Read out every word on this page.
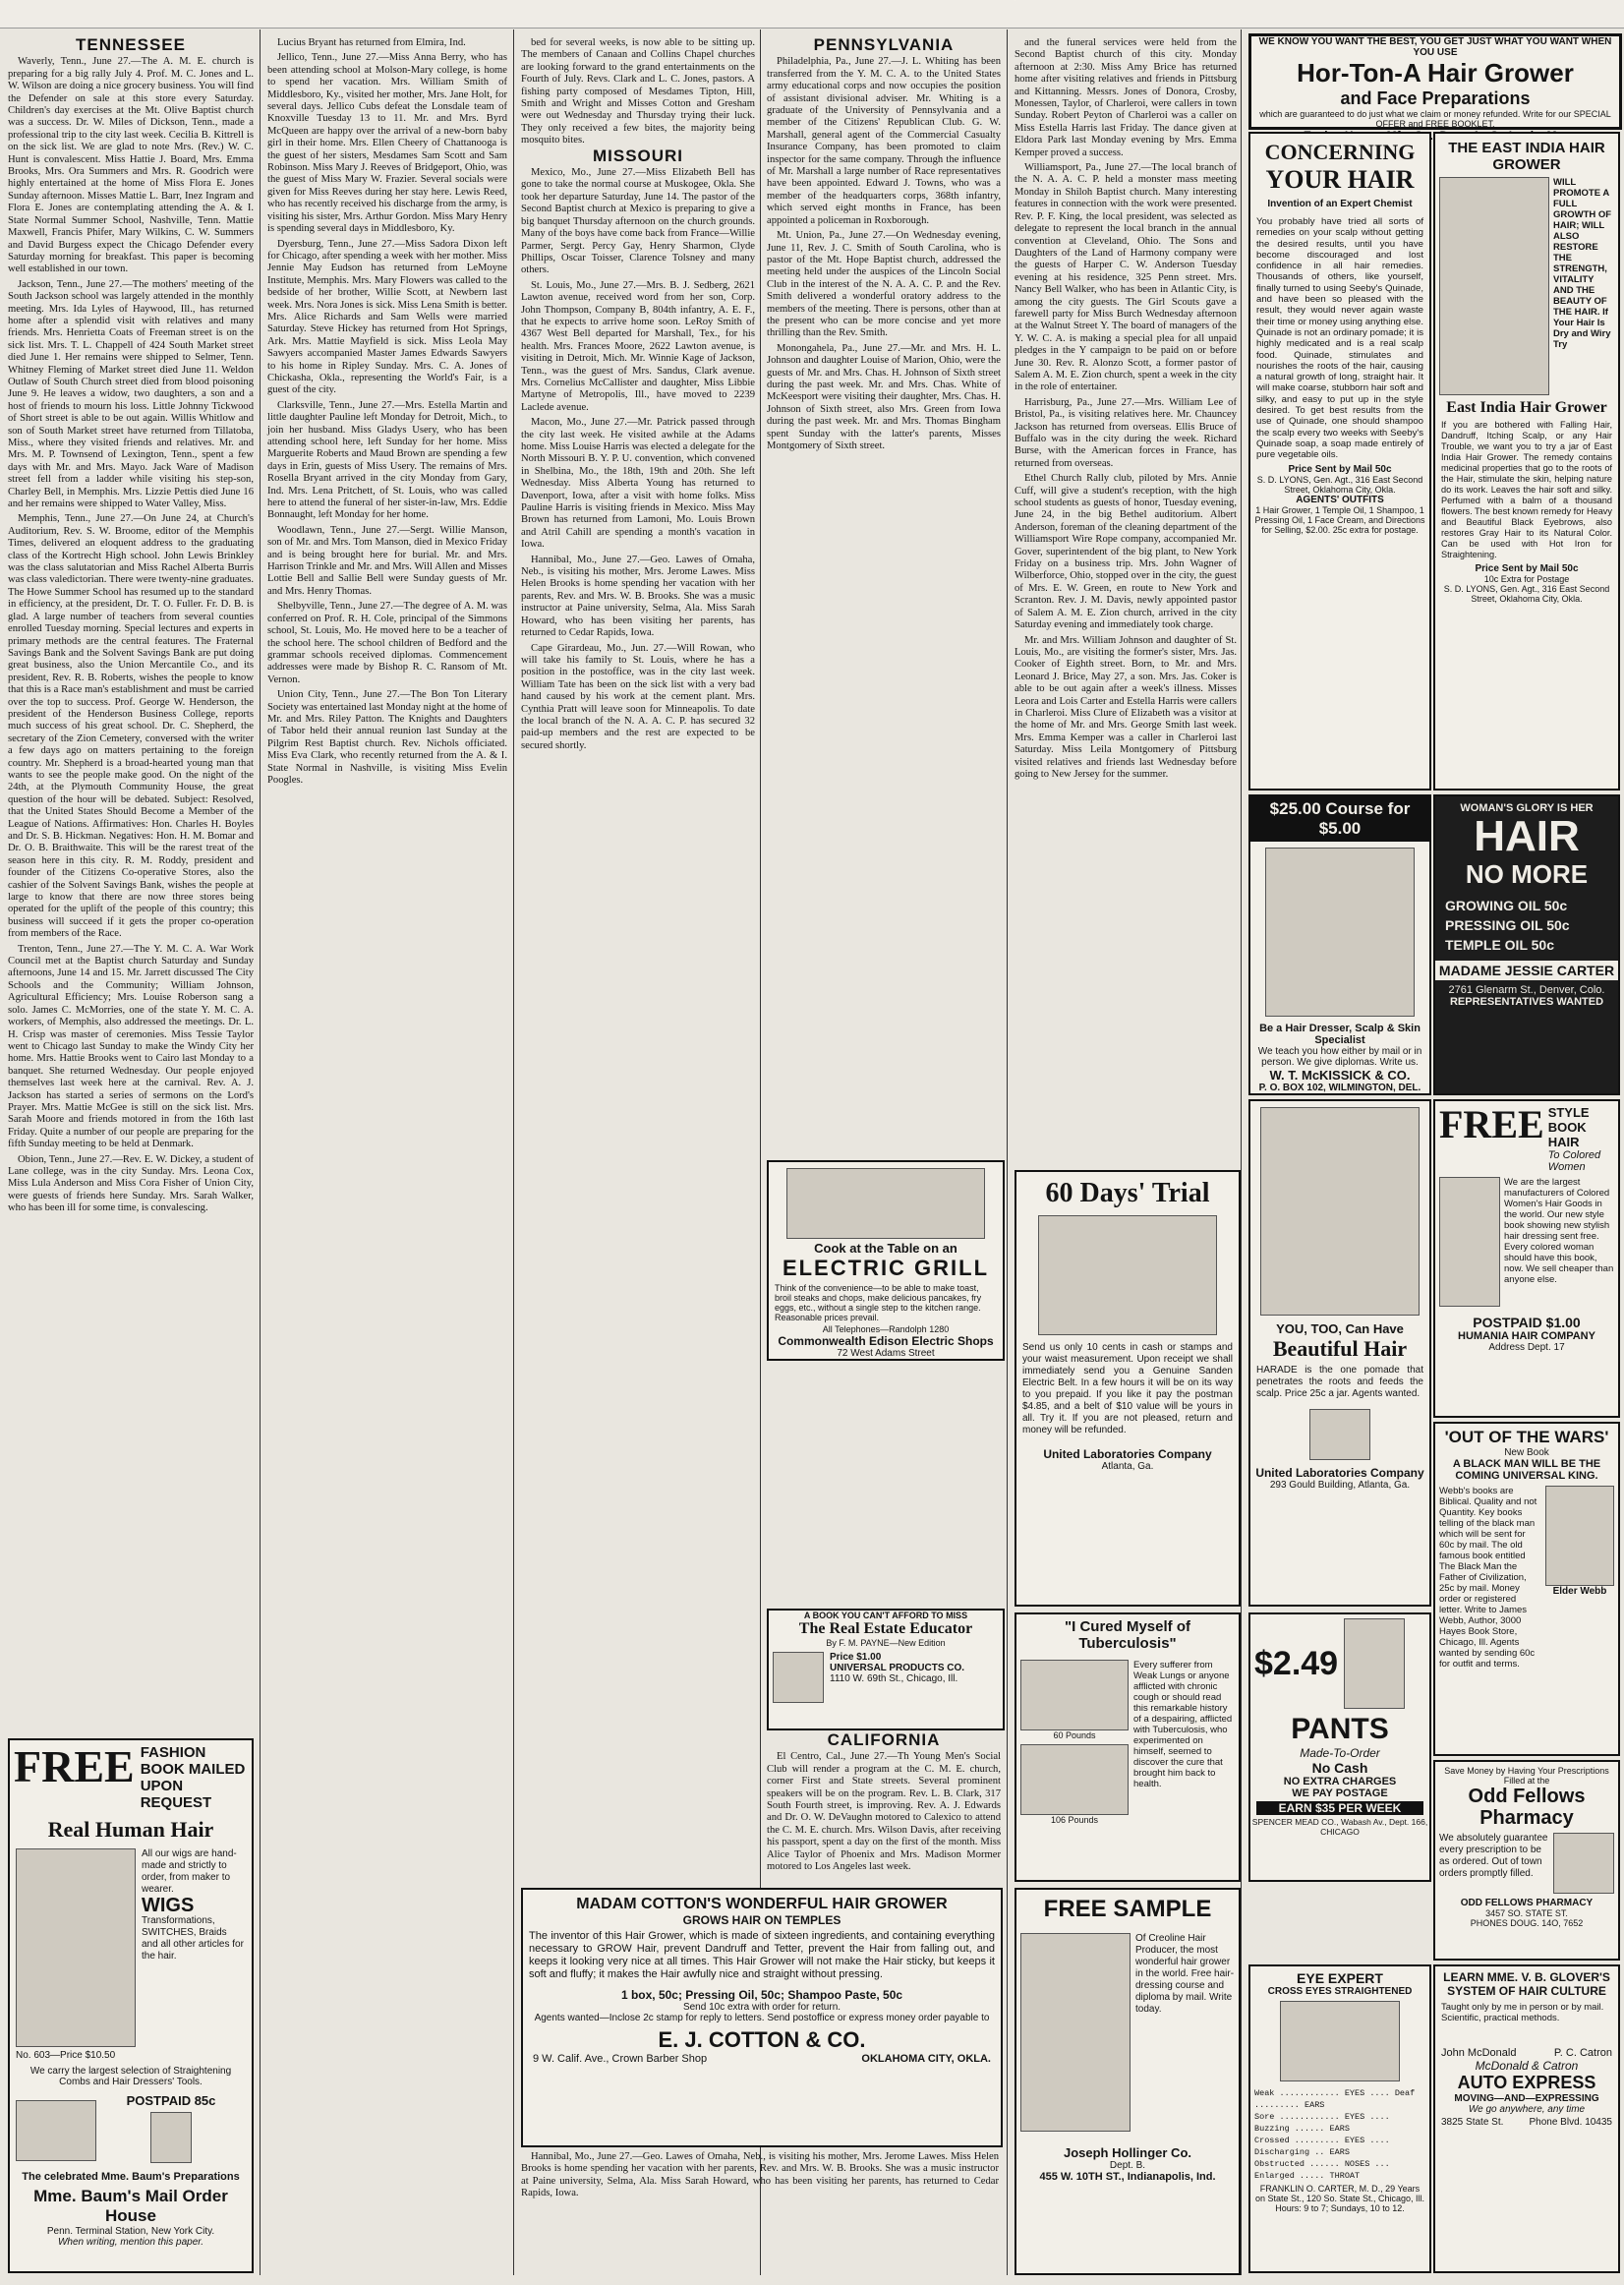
TENNESSEE

Waverly, Tenn., June 27.—The A. M. E. church is preparing for a big rally July 4. Prof. M. C. Jones and L. W. Wilson are doing a nice grocery business. You will find the Defender on sale at this store every Saturday. Children's day exercises at the Mt. Olive Baptist church was a success. Dr. W. Miles of Dickson, Tenn., made a professional trip to the city last week. Cecilia B. Kittrell is on the sick list. We are glad to note Mrs. (Rev.) W. C. Hunt is convalescent. Miss Hattie J. Board, Mrs. Emma Brooks, Mrs. Ora Summers and Mrs. R. Goodrich were highly entertained at the home of Miss Flora E. Jones Sunday afternoon. Misses Mattie L. Barr, Inez Ingram and Flora E. Jones are contemplating attending the A. & I. State Normal Summer School, Nashville, Tenn. Mattie Maxwell, Francis Phifer, Mary Wilkins, C. W. Summers and David Burgess expect the Chicago Defender every Saturday morning for breakfast. This paper is becoming well established in our town.

Jackson, Tenn., June 27.—The mothers' meeting of the South Jackson school was largely attended in the monthly meeting. Mrs. Ida Lyles of Haywood, Ill., has returned home after a splendid visit with relatives and many friends. Mrs. Henrietta Coats of Freeman street is on the sick list. Mrs. T. L. Chappell of 424 South Market street died June 1. Her remains were shipped to Selmer, Tenn. Whitney Fleming of Market street died June 11. Weldon Outlaw of South Church street died from blood poisoning June 9. He leaves a widow, two daughters, a son and a host of friends to mourn his loss. Little Johnny Tickwood of Short street is able to be out again. Willis Whitlow and son of South Market street have returned from Tillatoba, Miss., where they visited friends and relatives. Mr. and Mrs. M. P. Townsend of Lexington, Tenn., spent a few days with Mr. and Mrs. Mayo. Jack Ware of Madison street fell from a ladder while visiting his step-son, Charley Bell, in Memphis. Mrs. Lizzie Pettis died June 16 and her remains were shipped to Water Valley, Miss.

Memphis, Tenn., June 27.—On June 24, at Church's Auditorium, Rev. S. W. Broome, editor of the Memphis Times, delivered an eloquent address to the graduating class of the Kortrecht High school. John Lewis Brinkley was the class salutatorian and Miss Rachel Alberta Burris was class valedictorian. There were twenty-nine graduates. The Howe Summer School has resumed up to the standard in efficiency, at the president, Dr. T. O. Fuller. Fr. D. B. is glad. A large number of teachers from several counties enrolled Tuesday morning. Special lectures and experts in primary methods are the central features. The Fraternal Savings Bank and the Solvent Savings Bank are put doing great business, also the Union Mercantile Co., and its president, Rev. R. B. Roberts, wishes the people to know that this is a Race man's establishment and must be carried over the top to success. Prof. George W. Henderson, the president of the Henderson Business College, reports much success of his great school. Dr. C. Shepherd, the secretary of the Zion Cemetery, conversed with the writer a few days ago on matters pertaining to the foreign country. Mr. Shepherd is a broad-hearted young man that wants to see the people make good. On the night of the 24th, at the Plymouth Community House, the great question of the hour will be debated. Subject: Resolved, that the United States Should Become a Member of the League of Nations. Affirmatives: Hon. Charles H. Boyles and Dr. S. B. Hickman. Negatives: Hon. H. M. Bomar and Dr. O. B. Braithwaite. This will be the rarest treat of the season here in this city. R. M. Roddy, president and founder of the Citizens Co-operative Stores, also the cashier of the Solvent Savings Bank, wishes the people at large to know that there are now three stores being operated for the uplift of the people of this country; this business will succeed if it gets the proper co-operation from members of the Race.

Trenton, Tenn., June 27.—The Y. M. C. A. War Work Council met at the Baptist church Saturday and Sunday afternoons, June 14 and 15. Mr. Jarrett discussed The City Schools and the Community; William Johnson, Agricultural Efficiency; Mrs. Louise Roberson sang a solo. James C. McMorries, one of the state Y. M. C. A. workers, of Memphis, also addressed the meetings. Dr. L. H. Crisp was master of ceremonies. Miss Tessie Taylor went to Chicago last Sunday to make the Windy City her home. Mrs. Hattie Brooks went to Cairo last Monday to a banquet. She returned Wednesday. Our people enjoyed themselves last week here at the carnival. Rev. A. J. Jackson has started a series of sermons on the Lord's Prayer. Mrs. Mattie McGee is still on the sick list. Mrs. Sarah Moore and friends motored in from the 16th last Friday. Quite a number of our people are preparing for the fifth Sunday meeting to be held at Denmark.

Obion, Tenn., June 27.—Rev. E. W. Dickey, a student of Lane college, was in the city Sunday. Mrs. Leona Cox, Miss Lula Anderson and Miss Cora Fisher of Union City, were guests of friends here Sunday. Mrs. Sarah Walker, who has been ill for some time, is convalescing.

FREE FASHION BOOK MAILED UPON REQUEST
Real Human Hair
All our wigs are hand-made and strictly to order, from maker to wearer.
WIGS
Transformations, SWITCHES, Braids and all other articles for the hair.
No. 603—Price $10.50
We carry the largest selection of Straightening Combs and Hair Dressers' Tools.
POSTPAID 85c
The celebrated Mme. Baum's Preparations
Mme. Baum's Mail Order House
Penn. Terminal Station, New York City.
When writing, mention this paper.

Lucius Bryant has returned from Elmira, Ind.

Jellico, Tenn., June 27.—Miss Anna Berry, who has been attending school at Molson-Mary college, is home to spend her vacation. Mrs. William Smith of Middlesboro, Ky., visited her mother, Mrs. Jane Holt, for several days. Jellico Cubs defeat the Lonsdale team of Knoxville Tuesday 13 to 11. Mr. and Mrs. Byrd McQueen are happy over the arrival of a new-born baby girl in their home. Mrs. Ellen Cheery of Chattanooga is the guest of her sisters, Mesdames Sam Scott and Sam Robinson. Miss Mary J. Reeves of Bridgeport, Ohio, was the guest of Miss Mary W. Frazier. Several socials were given for Miss Reeves during her stay here. Lewis Reed, who has recently received his discharge from the army, is visiting his sister, Mrs. Arthur Gordon. Miss Mary Henry is spending several days in Middlesboro, Ky.

Dyersburg, Tenn., June 27.—Miss Sadora Dixon left for Chicago, after spending a week with her mother. Miss Jennie May Eudson has returned from LeMoyne Institute, Memphis. Mrs. Mary Flowers was called to the bedside of her brother, Willie Scott, at Newbern last week. Mrs. Nora Jones is sick. Miss Lena Smith is better. Mrs. Alice Richards and Sam Wells were married Saturday. Steve Hickey has returned from Hot Springs, Ark. Mrs. Mattie Mayfield is sick. Miss Leola May Sawyers accompanied Master James Edwards Sawyers to his home in Ripley Sunday. Mrs. C. A. Jones of Chickasha, Okla., representing the World's Fair, is a guest of the city.

Clarksville, Tenn., June 27.—Mrs. Estella Martin and little daughter Pauline left Monday for Detroit, Mich., to join her husband. Miss Gladys Usery, who has been attending school here, left Sunday for her home. Miss Marguerite Roberts and Maud Brown are spending a few days in Erin, guests of Miss Usery. The remains of Mrs. Rosella Bryant arrived in the city Monday from Gary, Ind. Mrs. Lena Pritchett, of St. Louis, who was called here to attend the funeral of her sister-in-law, Mrs. Eddie Bonnaught, left Monday for her home.

Woodlawn, Tenn., June 27.—Sergt. Willie Manson, son of Mr. and Mrs. Tom Manson, died in Mexico Friday and is being brought here for burial. Mr. and Mrs. Harrison Trinkle and Mr. and Mrs. Will Allen and Misses Lottie Bell and Sallie Bell were Sunday guests of Mr. and Mrs. Henry Thomas.

Shelbyville, Tenn., June 27.—The degree of A. M. was conferred on Prof. R. H. Cole, principal of the Simmons school, St. Louis, Mo. He moved here to be a teacher of the school here. The school children of Bedford and the grammar schools received diplomas. Commencement addresses were made by Bishop R. C. Ransom of Mt. Vernon.

Union City, Tenn., June 27.—The Bon Ton Literary Society was entertained last Monday night at the home of Mr. and Mrs. Riley Patton. The Knights and Daughters of Tabor held their annual reunion last Sunday at the Pilgrim Rest Baptist church. Rev. Nichols officiated. Miss Eva Clark, who recently returned from the A. & I. State Normal in Nashville, is visiting Miss Evelin Poogles.

bed for several weeks, is now able to be sitting up. The members of Canaan and Collins Chapel churches are looking forward to the grand entertainments on the Fourth of July. Revs. Clark and L. C. Jones, pastors. A fishing party composed of Mesdames Tipton, Hill, Smith and Wright and Misses Cotton and Gresham were out Wednesday and Thursday trying their luck. They only received a few bites, the majority being mosquito bites.

MISSOURI

Mexico, Mo., June 27.—Miss Elizabeth Bell has gone to take the normal course at Muskogee, Okla. She took her departure Saturday, June 14. The pastor of the Second Baptist church at Mexico is preparing to give a big banquet Thursday afternoon on the church grounds. Many of the boys have come back from France—Willie Parmer, Sergt. Percy Gay, Henry Sharmon, Clyde Phillips, Oscar Toisser, Clarence Tolsney and many others.

St. Louis, Mo., June 27.—Mrs. B. J. Sedberg, 2621 Lawton avenue, received word from her son, Corp. John Thompson, Company B, 804th infantry, A. E. F., that he expects to arrive home soon. LeRoy Smith of 4367 West Bell departed for Marshall, Tex., for his health. Mrs. Frances Moore, 2622 Lawton avenue, is visiting in Detroit, Mich. Mr. Winnie Kage of Jackson, Tenn., was the guest of Mrs. Sandus, Clark avenue. Mrs. Cornelius McCallister and daughter, Miss Libbie Martyne of Metropolis, Ill., have moved to 2239 Laclede avenue.

Macon, Mo., June 27.—Mr. Patrick passed through the city last week. He visited awhile at the Adams home. Miss Louise Harris was elected a delegate for the North Missouri B. Y. P. U. convention, which convened in Shelbina, Mo., the 18th, 19th and 20th. She left Wednesday. Miss Alberta Young has returned to Davenport, Iowa, after a visit with home folks. Miss Pauline Harris is visiting friends in Mexico. Miss May Brown has returned from Lamoni, Mo. Louis Brown and Atril Cahill are spending a month's vacation in Iowa.

Hannibal, Mo., June 27.—Geo. Lawes of Omaha, Neb., is visiting his mother, Mrs. Jerome Lawes. Miss Helen Brooks is home spending her vacation with her parents, Rev. and Mrs. W. B. Brooks. She was a music instructor at Paine university, Selma, Ala. Miss Sarah Howard, who has been visiting her parents, has returned to Cedar Rapids, Iowa.

Cape Girardeau, Mo., Jun. 27.—Will Rowan, who will take his family to St. Louis, where he has a position in the postoffice, was in the city last week. William Tate has been on the sick list with a very bad hand caused by his work at the cement plant. Mrs. Cynthia Pratt will leave soon for Minneapolis. To date the local branch of the N. A. A. C. P. has secured 32 paid-up members and the rest are expected to be secured shortly.

PENNSYLVANIA

Philadelphia, Pa., June 27.—J. L. Whiting has been transferred from the Y. M. C. A. to the United States army educational corps and now occupies the position of assistant divisional adviser. Mr. Whiting is a graduate of the University of Pennsylvania and a member of the Citizens' Republican Club. G. W. Marshall, general agent of the Commercial Casualty Insurance Company, has been promoted to claim inspector for the same company. Through the influence of Mr. Marshall a large number of Race representatives have been appointed. Edward J. Towns, who was a member of the headquarters corps, 368th infantry, which served eight months in France, has been appointed a policeman in Roxborough.

Mt. Union, Pa., June 27.—On Wednesday evening, June 11, Rev. J. C. Smith of South Carolina, who is pastor of the Mt. Hope Baptist church, addressed the meeting held under the auspices of the Lincoln Social Club in the interest of the N. A. A. C. P. and the Rev. Smith delivered a wonderful oratory address to the members of the meeting. There is persons, other than at the present who can be more concise and yet more thrilling than the Rev. Smith.

Monongahela, Pa., June 27.—Mr. and Mrs. H. L. Johnson and daughter Louise of Marion, Ohio, were the guests of Mr. and Mrs. Chas. H. Johnson of Sixth street during the past week. Mr. and Mrs. Chas. White of McKeesport were visiting their daughter, Mrs. Chas. H. Johnson of Sixth street, also Mrs. Green from Iowa during the past week. Mr. and Mrs. Thomas Bingham spent Sunday with the latter's parents, Misses Montgomery of Sixth street.

A BOOK YOU CAN'T AFFORD TO MISS
The Real Estate Educator
By F. M. PAYNE—New Edition
Price $1.00
UNIVERSAL PRODUCTS CO.
1110 W. 69th St., Chicago, Ill.
CALIFORNIA

El Centro, Cal., June 27.—Th Young Men's Social Club will render a program at the C. M. E. church, corner First and State streets. Several prominent speakers will be on the program. Rev. L. B. Clark, 317 South Fourth street, is improving. Rev. A. J. Edwards and Dr. O. W. DeVaughn motored to Calexico to attend the C. M. E. church. Mrs. Wilson Davis, after receiving his passport, spent a day on the first of the month. Miss Alice Taylor of Phoenix and Mrs. Madison Mormer motored to Los Angeles last week.

and the funeral services were held from the Second Baptist church of this city. Monday afternoon at 2:30. Miss Amy Brice has returned home after visiting relatives and friends in Pittsburg and Kittanning. Messrs. Jones of Donora, Crosby, Monessen, Taylor, of Charleroi, were callers in town Sunday. Robert Peyton of Charleroi was a caller on Miss Estella Harris last Friday. The dance given at Eldora Park last Monday evening by Mrs. Emma Kemper proved a success.

Williamsport, Pa., June 27.—The local branch of the N. A. A. C. P. held a monster mass meeting Monday in Shiloh Baptist church. Many interesting features in connection with the work were presented. Rev. P. F. King, the local president, was selected as delegate to represent the local branch in the annual convention at Cleveland, Ohio. The Sons and Daughters of the Land of Harmony company were the guests of Harper C. W. Anderson Tuesday evening at his residence, 325 Penn street. Mrs. Nancy Bell Walker, who has been in Atlantic City, is among the city guests. The Girl Scouts gave a farewell party for Miss Burch Wednesday afternoon at the Walnut Street Y. The board of managers of the Y. W. C. A. is making a special plea for all unpaid pledges in the Y campaign to be paid on or before June 30. Rev. R. Alonzo Scott, a former pastor of Salem A. M. E. Zion church, spent a week in the city in the role of entertainer.

Harrisburg, Pa., June 27.—Mrs. William Lee of Bristol, Pa., is visiting relatives here. Mr. Chauncey Jackson has returned from overseas. Ellis Bruce of Buffalo was in the city during the week. Richard Burse, with the American forces in France, has returned from overseas.

Ethel Church Rally club, piloted by Mrs. Annie Cuff, will give a student's reception, with the high school students as guests of honor, Tuesday evening, June 24, in the big Bethel auditorium. Albert Anderson, foreman of the cleaning department of the Williamsport Wire Rope company, accompanied Mr. Gover, superintendent of the big plant, to New York Friday on a business trip. Mrs. John Wagner of Wilberforce, Ohio, stopped over in the city, the guest of Mrs. E. W. Green, en route to New York and Scranton. Rev. J. M. Davis, newly appointed pastor of Salem A. M. E. Zion church, arrived in the city Saturday evening and immediately took charge.

Mr. and Mrs. William Johnson and daughter of St. Louis, Mo., are visiting the former's sister, Mrs. Jas. Cooker of Eighth street. Born, to Mr. and Mrs. Leonard J. Brice, May 27, a son. Mrs. Jas. Coker is able to be out again after a week's illness. Misses Leora and Lois Carter and Estella Harris were callers in Charleroi. Miss Clure of Elizabeth was a visitor at the home of Mr. and Mrs. George Smith last week. Mrs. Emma Kemper was a caller in Charleroi last Saturday. Miss Leila Montgomery of Pittsburg visited relatives and friends last Wednesday before going to New Jersey for the summer.

Cook at the Table on an
ELECTRIC GRILL
Think of the convenience—to be able to make toast, broil steaks and chops, make delicious pancakes, fry eggs, etc., without a single step to the kitchen range. Reasonable prices prevail.
All Telephones—Randolph 1280
Commonwealth Edison Electric Shops
72 West Adams Street
60 Days' Trial
Send us only 10 cents in cash or stamps and your waist measurement. Upon receipt we shall immediately send you a Genuine Sanden Electric Belt. In a few hours it will be on its way to you prepaid. If you like it pay the postman $4.85, and a belt of $10 value will be yours in all. Try it. If you are not pleased, return and money will be refunded.
United Laboratories Company
Atlanta, Ga.
"I Cured Myself of Tuberculosis"
60 Pounds
106 Pounds
Every sufferer from Weak Lungs or anyone afflicted with chronic cough or should read this remarkable history of a despairing, afflicted with Tuberculosis, who experimented on himself, seemed to discover the cure that brought him back to health.
MADAM COTTON'S WONDERFUL HAIR GROWER
GROWS HAIR ON TEMPLES
The inventor of this Hair Grower, which is made of sixteen ingredients, and containing everything necessary to GROW Hair, prevent Dandruff and Tetter, prevent the Hair from falling out, and keeps it looking very nice at all times. This Hair Grower will not make the Hair sticky, but keeps it soft and fluffy; it makes the Hair awfully nice and straight without pressing.
1 box, 50c; Pressing Oil, 50c; Shampoo Paste, 50c
Send 10c extra with order for return.
Agents wanted—Inclose 2c stamp for reply to letters. Send postoffice or express money order payable to
E. J. COTTON & CO.
9 W. Calif. Ave., Crown Barber Shop	OKLAHOMA CITY, OKLA.
FREE SAMPLE
Of Creoline Hair Producer, the most wonderful hair grower in the world. Free hair-dressing course and diploma by mail. Write today.
Joseph Hollinger Co.
Dept. B.
455 W. 10TH ST., Indianapolis, Ind.

Hannibal, Mo., June 27.—Geo. Lawes of Omaha, Neb., is visiting his mother, Mrs. Jerome Lawes. Miss Helen Brooks is home spending her vacation with her parents, Rev. and Mrs. W. B. Brooks. She was a music instructor at Paine university, Selma, Ala. Miss Sarah Howard, who has been visiting her parents, has returned to Cedar Rapids, Iowa.

WE KNOW YOU WANT THE BEST, YOU GET JUST WHAT YOU WANT WHEN YOU USE
Hor-Ton-A Hair Grower
and Face Preparations
which are guaranteed to do just what we claim or money refunded. Write for our SPECIAL OFFER and FREE BOOKLET.
CONCERNING
YOUR HAIR
Invention of an Expert Chemist
You probably have tried all sorts of remedies on your scalp without getting the desired results, until you have become discouraged and lost confidence in all hair remedies. Thousands of others, like yourself, finally turned to using Seeby's Quinade, and have been so pleased with the result, they would never again waste their time or money using anything else. Quinade is not an ordinary pomade; it is highly medicated and is a real scalp food. Quinade, stimulates and nourishes the roots of the hair, causing a natural growth of long, straight hair. It will make coarse, stubborn hair soft and silky, and easy to put up in the style desired. To get best results from the use of Quinade, one should shampoo the scalp every two weeks with Seeby's Quinade soap, a soap made entirely of pure vegetable oils.
Price Sent by Mail 50c
S. D. LYONS, Gen. Agt., 316 East Second Street, Oklahoma City, Okla.
AGENTS' OUTFITS
1 Hair Grower, 1 Temple Oil, 1 Shampoo, 1 Pressing Oil, 1 Face Cream, and Directions for Selling, $2.00. 25c extra for postage.
THE EAST INDIA HAIR GROWER
WILL PROMOTE A FULL GROWTH OF HAIR; WILL ALSO RESTORE THE STRENGTH, VITALITY AND THE BEAUTY OF THE HAIR. If Your Hair Is Dry and Wiry Try
East India Hair Grower
If you are bothered with Falling Hair, Dandruff, Itching Scalp, or any Hair Trouble, we want you to try a jar of East India Hair Grower. The remedy contains medicinal properties that go to the roots of the Hair, stimulate the skin, helping nature do its work. Leaves the hair soft and silky. Perfumed with a balm of a thousand flowers. The best known remedy for Heavy and Beautiful Black Eyebrows, also restores Gray Hair to its Natural Color. Can be used with Hot Iron for Straightening.
Price Sent by Mail 50c
10c Extra for Postage
S. D. LYONS, Gen. Agt., 316 East Second Street, Oklahoma City, Okla.
$25.00 Course for $5.00
Be a Hair Dresser, Scalp & Skin Specialist
We teach you how either by mail or in person. We give diplomas. Write us.
W. T. McKISSICK & CO.
P. O. BOX 102, WILMINGTON, DEL.
WOMAN'S GLORY IS HER
HAIR
NO MORE
GROWING OIL 50c
PRESSING OIL 50c
TEMPLE OIL 50c
MADAME JESSIE CARTER
2761 Glenarm St., Denver, Colo.
REPRESENTATIVES WANTED
YOU, TOO, Can Have
Beautiful Hair
HARADE is the one pomade that penetrates the roots and feeds the scalp. Price 25c a jar. Agents wanted.
United Laboratories Company
293 Gould Building, Atlanta, Ga.
FREE STYLE BOOK HAIR
To Colored Women
We are the largest manufacturers of Colored Women's Hair Goods in the world. Our new style book showing new stylish hair dressing sent free. Every colored woman should have this book, now. We sell cheaper than anyone else.
POSTPAID $1.00
HUMANIA HAIR COMPANY
Address Dept. 17
'OUT OF THE WARS'
New Book
A BLACK MAN WILL BE THE COMING UNIVERSAL KING.
Webb's books are Biblical. Quality and not Quantity. Key books telling of the black man which will be sent for 60c by mail. The old famous book entitled The Black Man the Father of Civilization, 25c by mail. Money order or registered letter. Write to James Webb, Author, 3000 Hayes Book Store, Chicago, Ill. Agents wanted by sending 60c for outfit and terms.
Elder Webb
$2.49
PANTS
Made-To-Order
No Cash
NO EXTRA CHARGES
WE PAY POSTAGE
EARN $35 PER WEEK
SPENCER MEAD CO., Wabash Av., Dept. 166, CHICAGO
Save Money by Having Your Prescriptions Filled at the
Odd Fellows Pharmacy
We absolutely guarantee every prescription to be as ordered. Out of town orders promptly filled.
ODD FELLOWS PHARMACY
3457 SO. STATE ST.
PHONES DOUG. 14O, 7652
EYE EXPERT
CROSS EYES STRAIGHTENED
Weak ............ EYES .... Deaf ......... EARS
Sore ............ EYES .... Buzzing ...... EARS
Crossed ......... EYES .... Discharging .. EARS
Obstructed ...... NOSES ... Enlarged ..... THROAT
FRANKLIN O. CARTER, M. D., 29 Years on State St., 120 So. State St., Chicago, Ill.
Hours: 9 to 7; Sundays, 10 to 12.
LEARN MME. V. B. GLOVER'S SYSTEM OF HAIR CULTURE
Taught only by me in person or by mail. Scientific, practical methods.
John McDonald	P. C. Catron
McDonald & Catron
AUTO EXPRESS
MOVING—AND—EXPRESSING
We go anywhere, any time
3825 State St.	Phone Blvd. 10435
